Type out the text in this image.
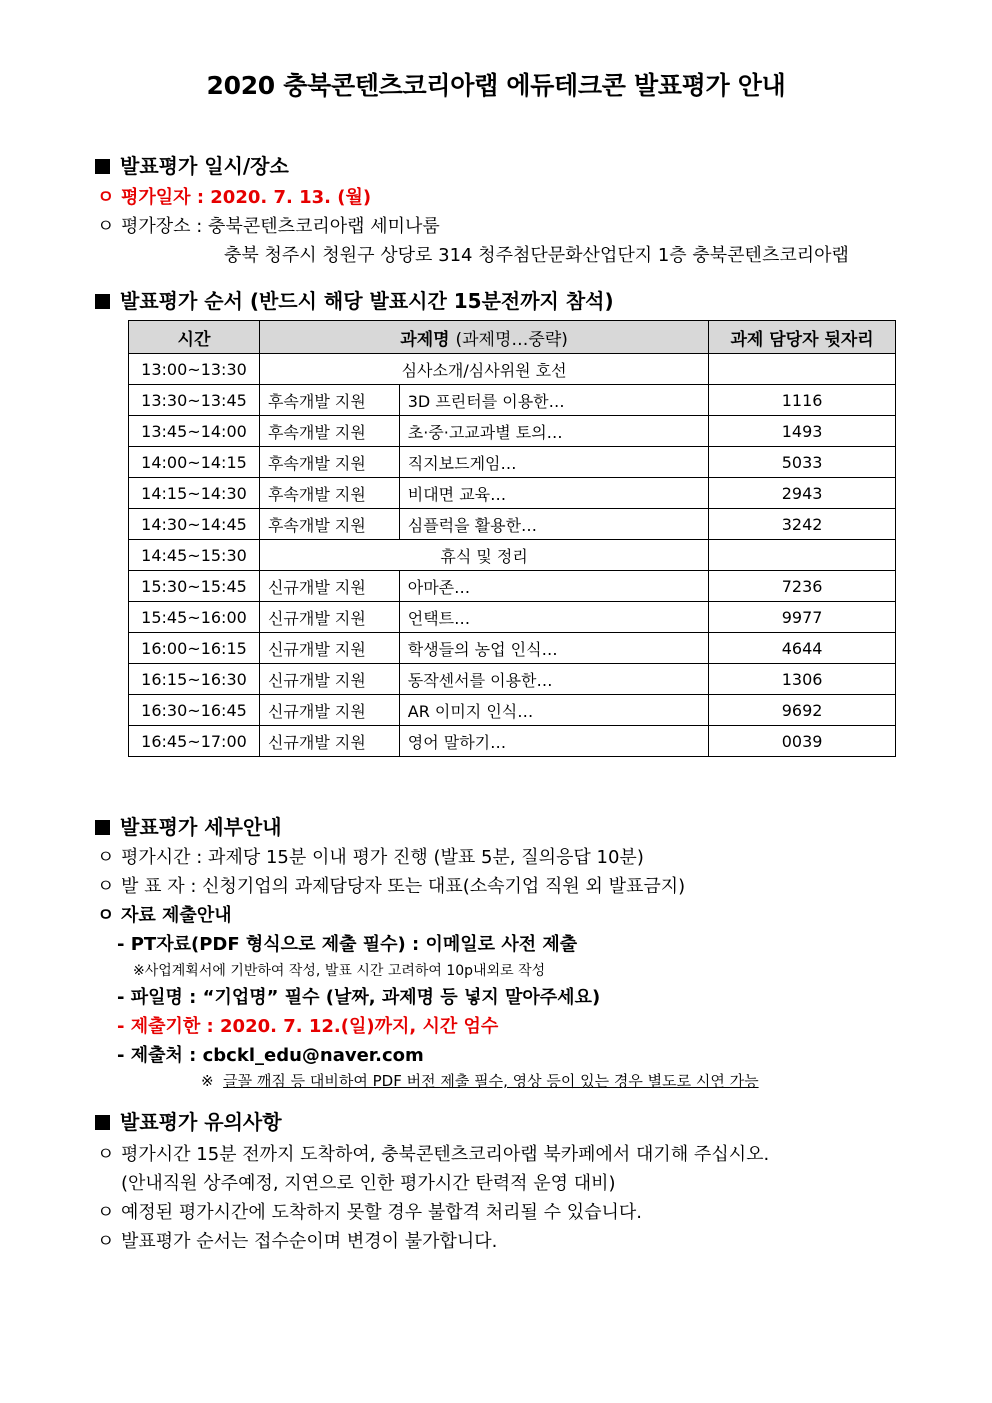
2020 충북콘텐츠코리아랩 에듀테크콘 발표평가 안내
발표평가 일시/장소
ㅇ 평가일자 : 2020. 7. 13. (월)
ㅇ 평가장소 : 충북콘텐츠코리아랩 세미나룸
충북 청주시 청원구 상당로 314 청주첨단문화산업단지 1층 충북콘텐츠코리아랩
발표평가 순서 (반드시 해당 발표시간 15분전까지 참석)
시간	과제명 (과제명…중략)		과제 담당자 뒷자리
13:00~13:30	심사소개/심사위원 호선		
13:30~13:45	후속개발 지원	3D 프린터를 이용한…	1116
13:45~14:00	후속개발 지원	초·중·고교과별 토의…	1493
14:00~14:15	후속개발 지원	직지보드게임…	5033
14:15~14:30	후속개발 지원	비대면 교육…	2943
14:30~14:45	후속개발 지원	심플럭을 활용한…	3242
14:45~15:30	휴식 및 정리		
15:30~15:45	신규개발 지원	아마존…	7236
15:45~16:00	신규개발 지원	언택트…	9977
16:00~16:15	신규개발 지원	학생들의 농업 인식…	4644
16:15~16:30	신규개발 지원	동작센서를 이용한…	1306
16:30~16:45	신규개발 지원	AR 이미지 인식…	9692
16:45~17:00	신규개발 지원	영어 말하기…	0039
발표평가 세부안내
ㅇ 평가시간 : 과제당 15분 이내 평가 진행 (발표 5분, 질의응답 10분)
ㅇ 발 표 자 : 신청기업의 과제담당자 또는 대표(소속기업 직원 외 발표금지)
ㅇ 자료 제출안내
- PT자료(PDF 형식으로 제출 필수) : 이메일로 사전 제출
※사업계획서에 기반하여 작성, 발표 시간 고려하여 10p내외로 작성
- 파일명 : “기업명” 필수 (날짜, 과제명 등 넣지 말아주세요)
- 제출기한 : 2020. 7. 12.(일)까지, 시간 엄수
- 제출처 : cbckl_edu@naver.com
※ 글꼴 깨짐 등 대비하여 PDF 버전 제출 필수, 영상 등이 있는 경우 별도로 시연 가능
발표평가 유의사항
ㅇ 평가시간 15분 전까지 도착하여, 충북콘텐츠코리아랩 북카페에서 대기해 주십시오.
(안내직원 상주예정, 지연으로 인한 평가시간 탄력적 운영 대비)
ㅇ 예정된 평가시간에 도착하지 못할 경우 불합격 처리될 수 있습니다.
ㅇ 발표평가 순서는 접수순이며 변경이 불가합니다.
